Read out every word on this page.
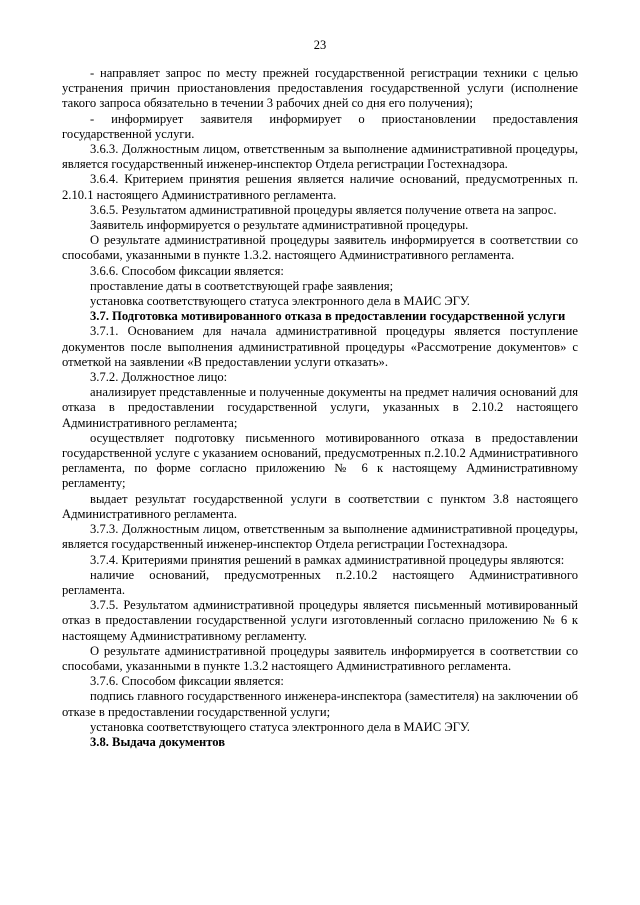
23

- направляет запрос по месту прежней государственной регистрации техники с целью устранения причин приостановления предоставления государственной услуги (исполнение такого запроса обязательно в течении 3 рабочих дней со дня его получения);

- информирует заявителя информирует о приостановлении предоставления государственной услуги.

3.6.3. Должностным лицом, ответственным за выполнение административной процедуры, является государственный инженер-инспектор Отдела регистрации Гостехнадзора.

3.6.4. Критерием принятия решения является наличие оснований, предусмотренных п. 2.10.1 настоящего Административного регламента.

3.6.5. Результатом административной процедуры является получение ответа на запрос.

Заявитель информируется о результате административной процедуры.

О результате административной процедуры заявитель информируется в соответствии со способами, указанными в пункте 1.3.2. настоящего Административного регламента.

3.6.6. Способом фиксации является:

проставление даты в соответствующей графе заявления;

установка соответствующего статуса электронного дела в МАИС ЭГУ.

3.7. Подготовка мотивированного отказа в предоставлении государственной услуги

3.7.1. Основанием для начала административной процедуры является поступление документов после выполнения административной процедуры «Рассмотрение документов» с отметкой на заявлении «В предоставлении услуги отказать».

3.7.2. Должностное лицо:

анализирует представленные и полученные документы на предмет наличия оснований для отказа в предоставлении государственной услуги, указанных в 2.10.2 настоящего Административного регламента;

осуществляет подготовку письменного мотивированного отказа в предоставлении государственной услуге с указанием оснований, предусмотренных п.2.10.2 Административного регламента, по форме согласно приложению № 6 к настоящему Административному регламенту;

выдает результат государственной услуги в соответствии с пунктом 3.8 настоящего Административного регламента.

3.7.3. Должностным лицом, ответственным за выполнение административной процедуры, является государственный инженер-инспектор Отдела регистрации Гостехнадзора.

3.7.4. Критериями принятия решений в рамках административной процедуры являются:

наличие оснований, предусмотренных п.2.10.2 настоящего Административного регламента.

3.7.5. Результатом административной процедуры является письменный мотивированный отказ в предоставлении государственной услуги изготовленный согласно приложению № 6 к настоящему Административному регламенту.

О результате административной процедуры заявитель информируется в соответствии со способами, указанными в пункте 1.3.2 настоящего Административного регламента.

3.7.6. Способом фиксации является:

подпись главного государственного инженера-инспектора (заместителя) на заключении об отказе в предоставлении государственной услуги;

установка соответствующего статуса электронного дела в МАИС ЭГУ.

3.8. Выдача документов
